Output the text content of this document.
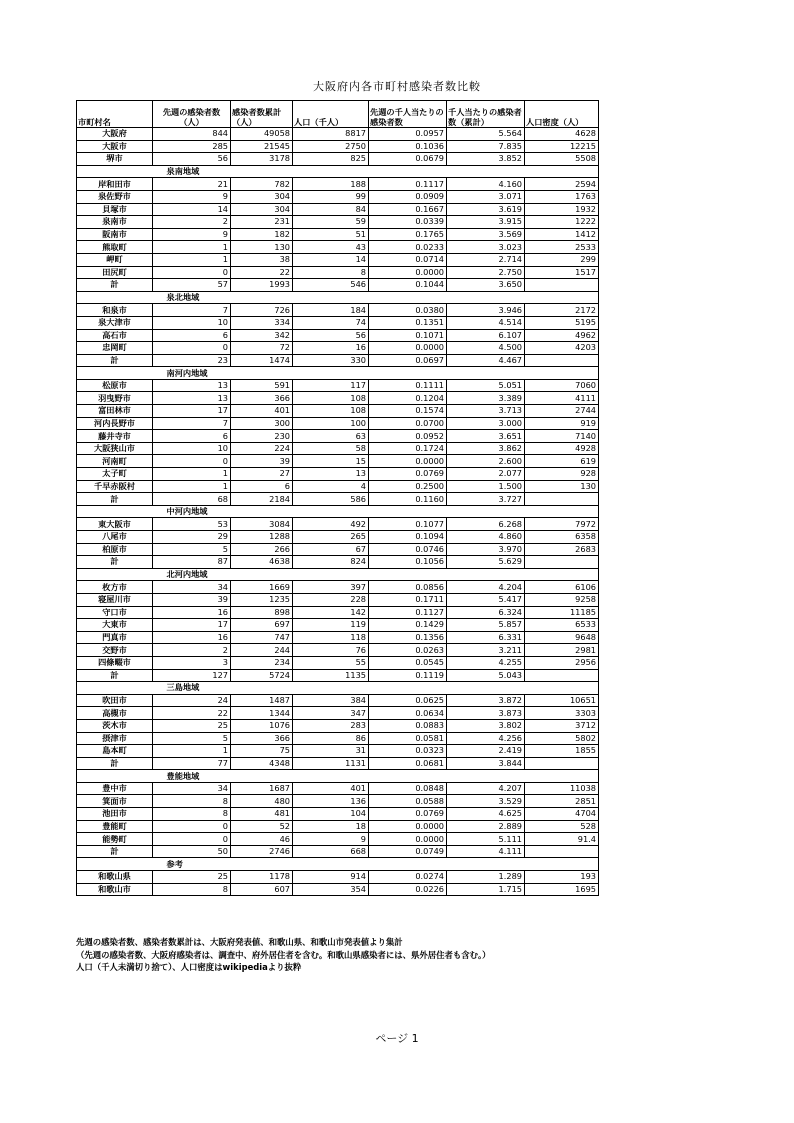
大阪府内各市町村感染者数比較
市町村名	先週の感染者数（人）	感染者数累計（人）	人口（千人）	先週の千人当たりの感染者数	千人当たりの感染者数（累計）	人口密度（人）
大阪府	844	49058	8817	0.0957	5.564	4628
大阪市	285	21545	2750	0.1036	7.835	12215
堺市	56	3178	825	0.0679	3.852	5508
	泉南地域					
岸和田市	21	782	188	0.1117	4.160	2594
泉佐野市	9	304	99	0.0909	3.071	1763
貝塚市	14	304	84	0.1667	3.619	1932
泉南市	2	231	59	0.0339	3.915	1222
阪南市	9	182	51	0.1765	3.569	1412
熊取町	1	130	43	0.0233	3.023	2533
岬町	1	38	14	0.0714	2.714	299
田尻町	0	22	8	0.0000	2.750	1517
計	57	1993	546	0.1044	3.650	
	泉北地域					
和泉市	7	726	184	0.0380	3.946	2172
泉大津市	10	334	74	0.1351	4.514	5195
高石市	6	342	56	0.1071	6.107	4962
忠岡町	0	72	16	0.0000	4.500	4203
計	23	1474	330	0.0697	4.467	
	南河内地域					
松原市	13	591	117	0.1111	5.051	7060
羽曳野市	13	366	108	0.1204	3.389	4111
富田林市	17	401	108	0.1574	3.713	2744
河内長野市	7	300	100	0.0700	3.000	919
藤井寺市	6	230	63	0.0952	3.651	7140
大阪狭山市	10	224	58	0.1724	3.862	4928
河南町	0	39	15	0.0000	2.600	619
太子町	1	27	13	0.0769	2.077	928
千早赤阪村	1	6	4	0.2500	1.500	130
計	68	2184	586	0.1160	3.727	
	中河内地域					
東大阪市	53	3084	492	0.1077	6.268	7972
八尾市	29	1288	265	0.1094	4.860	6358
柏原市	5	266	67	0.0746	3.970	2683
計	87	4638	824	0.1056	5.629	
	北河内地域					
枚方市	34	1669	397	0.0856	4.204	6106
寝屋川市	39	1235	228	0.1711	5.417	9258
守口市	16	898	142	0.1127	6.324	11185
大東市	17	697	119	0.1429	5.857	6533
門真市	16	747	118	0.1356	6.331	9648
交野市	2	244	76	0.0263	3.211	2981
四條畷市	3	234	55	0.0545	4.255	2956
計	127	5724	1135	0.1119	5.043	
	三島地域					
吹田市	24	1487	384	0.0625	3.872	10651
高槻市	22	1344	347	0.0634	3.873	3303
茨木市	25	1076	283	0.0883	3.802	3712
摂津市	5	366	86	0.0581	4.256	5802
島本町	1	75	31	0.0323	2.419	1855
計	77	4348	1131	0.0681	3.844	
	豊能地域					
豊中市	34	1687	401	0.0848	4.207	11038
箕面市	8	480	136	0.0588	3.529	2851
池田市	8	481	104	0.0769	4.625	4704
豊能町	0	52	18	0.0000	2.889	528
能勢町	0	46	9	0.0000	5.111	91.4
計	50	2746	668	0.0749	4.111	
	参考					
和歌山県	25	1178	914	0.0274	1.289	193
和歌山市	8	607	354	0.0226	1.715	1695
先週の感染者数、感染者数累計は、大阪府発表値、和歌山県、和歌山市発表値より集計
（先週の感染者数、大阪府感染者は、調査中、府外居住者を含む。和歌山県感染者には、県外居住者も含む。）
人口（千人未満切り捨て）、人口密度はwikipediaより抜粋
ページ 1
